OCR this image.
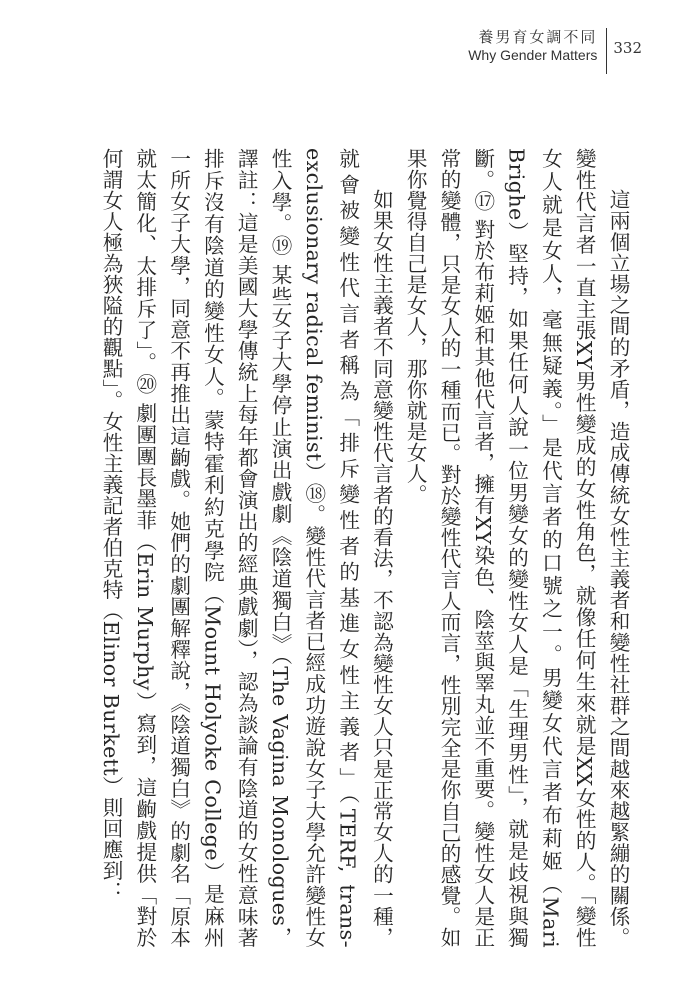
養男育女調不同
Why Gender Matters 332

這兩個立場之間的矛盾，造成傳統女性主義者和變性社群之間越來越緊繃的關係。變性代言者一直主張XY男性變成的女性角色，就像任何生來就是XX女性的人。「變性女人就是女人，毫無疑義。」是代言者的口號之一。男變女代言者布莉姬（Mari Brighe）堅持，如果任何人說一位男變女的變性女人是「生理男性」，就是歧視與獨斷。⑰ 對於布莉姬和其他代言者，擁有XY染色、陰莖與睪丸並不重要。變性女人是正常的變體，只是女人的一種而已。對於變性代言人而言，性別完全是你自己的感覺。如果你覺得自己是女人，那你就是女人。

如果女性主義者不同意變性代言者的看法，不認為變性女人只是正常女人的一種，就會被變性代言者稱為「排斥變性者的基進女性主義者」（TERF, trans-exclusionary radical feminist）⑱。變性代言者已經成功遊說女子大學允許變性女性入學。⑲ 某些女子大學停止演出戲劇《陰道獨白》（The Vagina Monologues，譯註：這是美國大學傳統上每年都會演出的經典戲劇），認為談論有陰道的女性意味著排斥沒有陰道的變性女人。蒙特霍利約克學院（Mount Holyoke College）是麻州一所女子大學，同意不再推出這齣戲。她們的劇團解釋說，《陰道獨白》的劇名「原本就太簡化、太排斥了」。⑳ 劇團團長墨菲（Erin Murphy）寫到，這齣戲提供「對於何謂女人極為狹隘的觀點」。女性主義記者伯克特（Elinor Burkett）則回應到：
